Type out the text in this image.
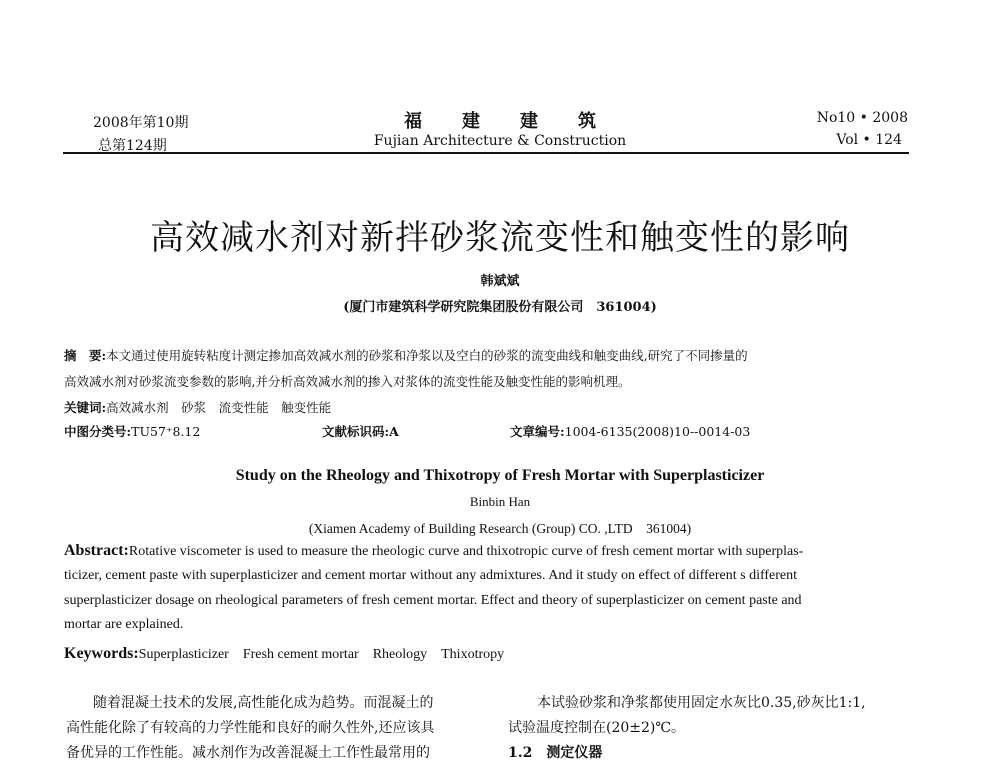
2008年第10期
总第124期
福建建筑
Fujian Architecture & Construction
No10 • 2008
Vol • 124
高效减水剂对新拌砂浆流变性和触变性的影响
韩斌斌
(厦门市建筑科学研究院集团股份有限公司　361004)
摘　要:本文通过使用旋转粘度计测定掺加高效减水剂的砂浆和净浆以及空白的砂浆的流变曲线和触变曲线,研究了不同掺量的
高效减水剂对砂浆流变参数的影响,并分析高效减水剂的掺入对浆体的流变性能及触变性能的影响机理。
关键词:高效减水剂　砂浆　流变性能　触变性能
中图分类号:TU57⁺8.12	文献标识码:A	文章编号:1004-6135(2008)10--0014-03
Study on the Rheology and Thixotropy of Fresh Mortar with Superplasticizer
Binbin Han
(Xiamen Academy of Building Research (Group) CO. ,LTD　361004)
Abstract:Rotative viscometer is used to measure the rheologic curve and thixotropic curve of fresh cement mortar with superplas-
ticizer, cement paste with superplasticizer and cement mortar without any admixtures. And it study on effect of different s different
superplasticizer dosage on rheological parameters of fresh cement mortar. Effect and theory of superplasticizer on cement paste and
mortar are explained.
Keywords:Superplasticizer　Fresh cement mortar　Rheology　Thixotropy
随着混凝土技术的发展,高性能化成为趋势。而混凝土的
高性能化除了有较高的力学性能和良好的耐久性外,还应该具
备优异的工作性能。减水剂作为改善混凝土工作性最常用的
本试验砂浆和净浆都使用固定水灰比0.35,砂灰比1:1,
试验温度控制在(20±2)℃。
1.2　测定仪器
